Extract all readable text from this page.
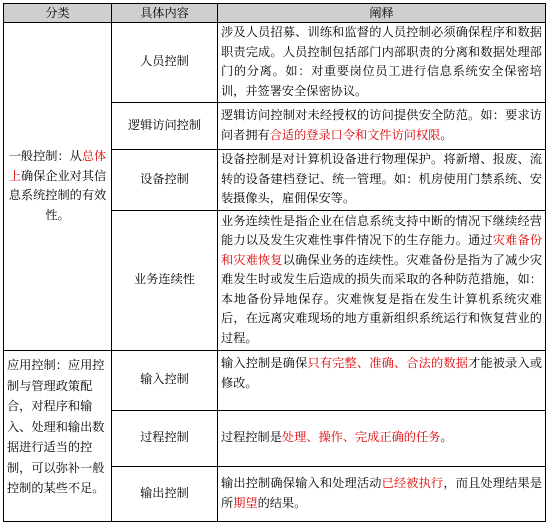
分类	具体内容	阐释
一般控制：从总体上确保企业对其信息系统控制的有效性。	人员控制	涉及人员招募、训练和监督的人员控制必须确保程序和数据职责完成。人员控制包括部门内部职责的分离和数据处理部门的分离。如：对重要岗位员工进行信息系统安全保密培训，并签署安全保密协议。
	逻辑访问控制	逻辑访问控制对未经授权的访问提供安全防范。如：要求访问者拥有合适的登录口令和文件访问权限。
	设备控制	设备控制是对计算机设备进行物理保护。将新增、报废、流转的设备建档登记、统一管理。如：机房使用门禁系统、安装摄像头，雇佣保安等。
	业务连续性	业务连续性是指企业在信息系统支持中断的情况下继续经营能力以及发生灾难性事件情况下的生存能力。通过灾难备份和灾难恢复以确保业务的连续性。灾难备份是指为了减少灾难发生时或发生后造成的损失而采取的各种防范措施，如：本地备份异地保存。灾难恢复是指在发生计算机系统灾难后，在远离灾难现场的地方重新组织系统运行和恢复营业的过程。
应用控制：应用控制与管理政策配合，对程序和输入、处理和输出数据进行适当的控制，可以弥补一般控制的某些不足。	输入控制	输入控制是确保只有完整、准确、合法的数据才能被录入或修改。
	过程控制	过程控制是处理、操作、完成正确的任务。
	输出控制	输出控制确保输入和处理活动已经被执行，而且处理结果是所期望的结果。
